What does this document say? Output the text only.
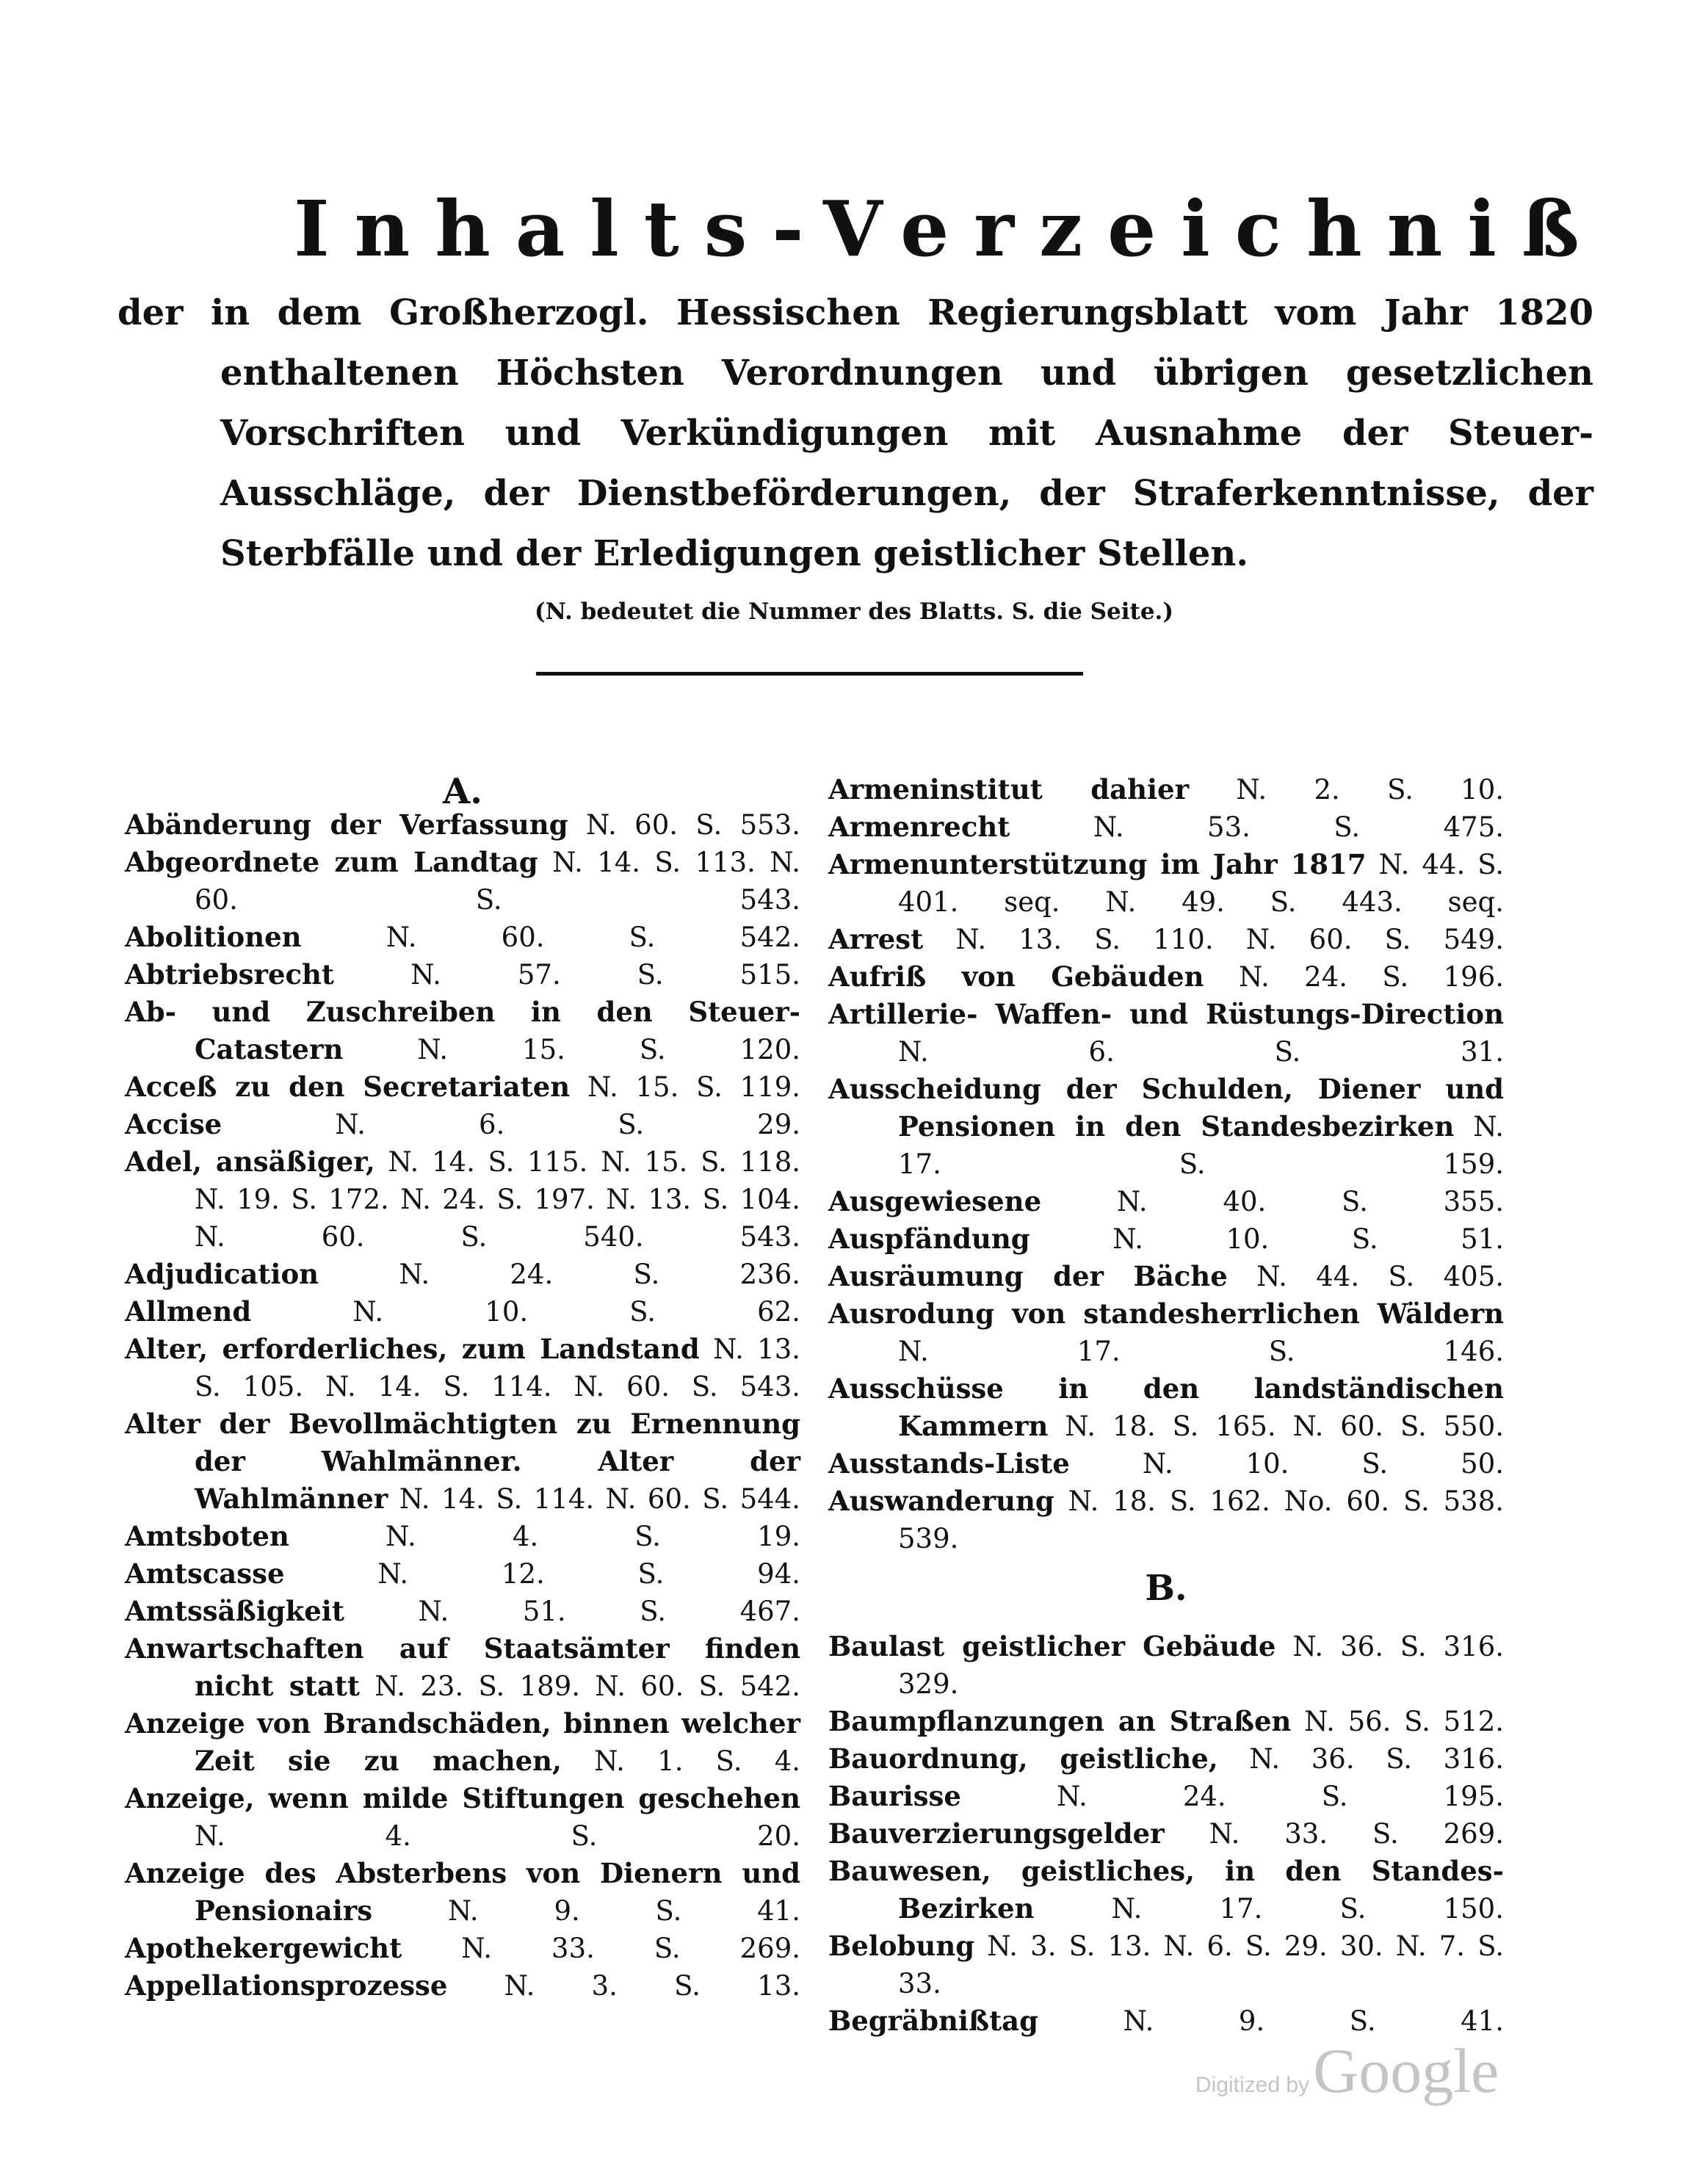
Inhalts-Verzeichniß
der in dem Großherzogl. Hessischen Regierungsblatt vom Jahr 1820 enthaltenen Höchsten Verordnungen und übrigen gesetzlichen Vorschriften und Verkündigungen mit Ausnahme der Steuer-Ausschläge, der Dienstbeförderungen, der Straferkenntnisse, der Sterbfälle und der Erledigungen geistlicher Stellen.
(N. bedeutet die Nummer des Blatts. S. die Seite.)
A.

Abänderung der Verfassung N. 60. S. 553.

Abgeordnete zum Landtag N. 14. S. 113. N. 60. S. 543.

Abolitionen	N. 60. S. 542.

Abtriebsrecht	N. 57. S. 515.

Ab- und Zuschreiben in den Steuer-Catastern	N. 15. S. 120.

Acceß zu den Secretariaten N. 15. S. 119.

Accise	N. 6. S. 29.

Adel, ansäßiger, N. 14. S. 115. N. 15. S. 118. N. 19. S. 172. N. 24. S. 197. N. 13. S. 104. N. 60. S. 540. 543.

Adjudication	N. 24. S. 236.

Allmend	N. 10. S. 62.

Alter, erforderliches, zum Landstand N. 13. S. 105. N. 14. S. 114. N. 60. S. 543.

Alter der Bevollmächtigten zu Ernennung der Wahlmänner. Alter der Wahlmänner N. 14. S. 114. N. 60. S. 544.

Amtsboten	N. 4. S. 19.

Amtscasse	N. 12. S. 94.

Amtssäßigkeit	N. 51. S. 467.

Anwartschaften auf Staatsämter finden nicht statt N. 23. S. 189. N. 60. S. 542.

Anzeige von Brandschäden, binnen welcher Zeit sie zu machen, N. 1. S. 4.

Anzeige, wenn milde Stiftungen geschehen N. 4. S. 20.

Anzeige des Absterbens von Dienern und Pensionairs	N. 9. S. 41.

Apothekergewicht N. 33. S. 269.

Appellationsprozesse N. 3. S. 13.

Armeninstitut dahier N. 2. S. 10.

Armenrecht	N. 53. S. 475.

Armenunterstützung im Jahr 1817 N. 44. S. 401. seq. N. 49. S. 443. seq.

Arrest N. 13. S. 110. N. 60. S. 549.

Aufriß von Gebäuden N. 24. S. 196.

Artillerie- Waffen- und Rüstungs-Direction N. 6. S. 31.

Ausscheidung der Schulden, Diener und Pensionen in den Standesbezirken N. 17. S. 159.

Ausgewiesene	N. 40. S. 355.

Auspfändung	N. 10. S. 51.

Ausräumung der Bäche N. 44. S. 405.

Ausrodung von standesherrlichen Wäldern N. 17. S. 146.

Ausschüsse in den landständischen Kammern N. 18. S. 165. N. 60. S. 550.

Ausstands-Liste	N. 10. S. 50.

Auswanderung N. 18. S. 162. No. 60. S. 538. 539.

B.

Baulast geistlicher Gebäude N. 36. S. 316. 329.

Baumpflanzungen an Straßen N. 56. S. 512.

Bauordnung, geistliche, N. 36. S. 316.

Baurisse	N. 24. S. 195.

Bauverzierungsgelder N. 33. S. 269.

Bauwesen, geistliches, in den Standes-Bezirken	N. 17. S. 150.

Belobung N. 3. S. 13. N. 6. S. 29. 30. N. 7. S. 33.

Begräbnißtag	N. 9. S. 41.

Digitized by Google
